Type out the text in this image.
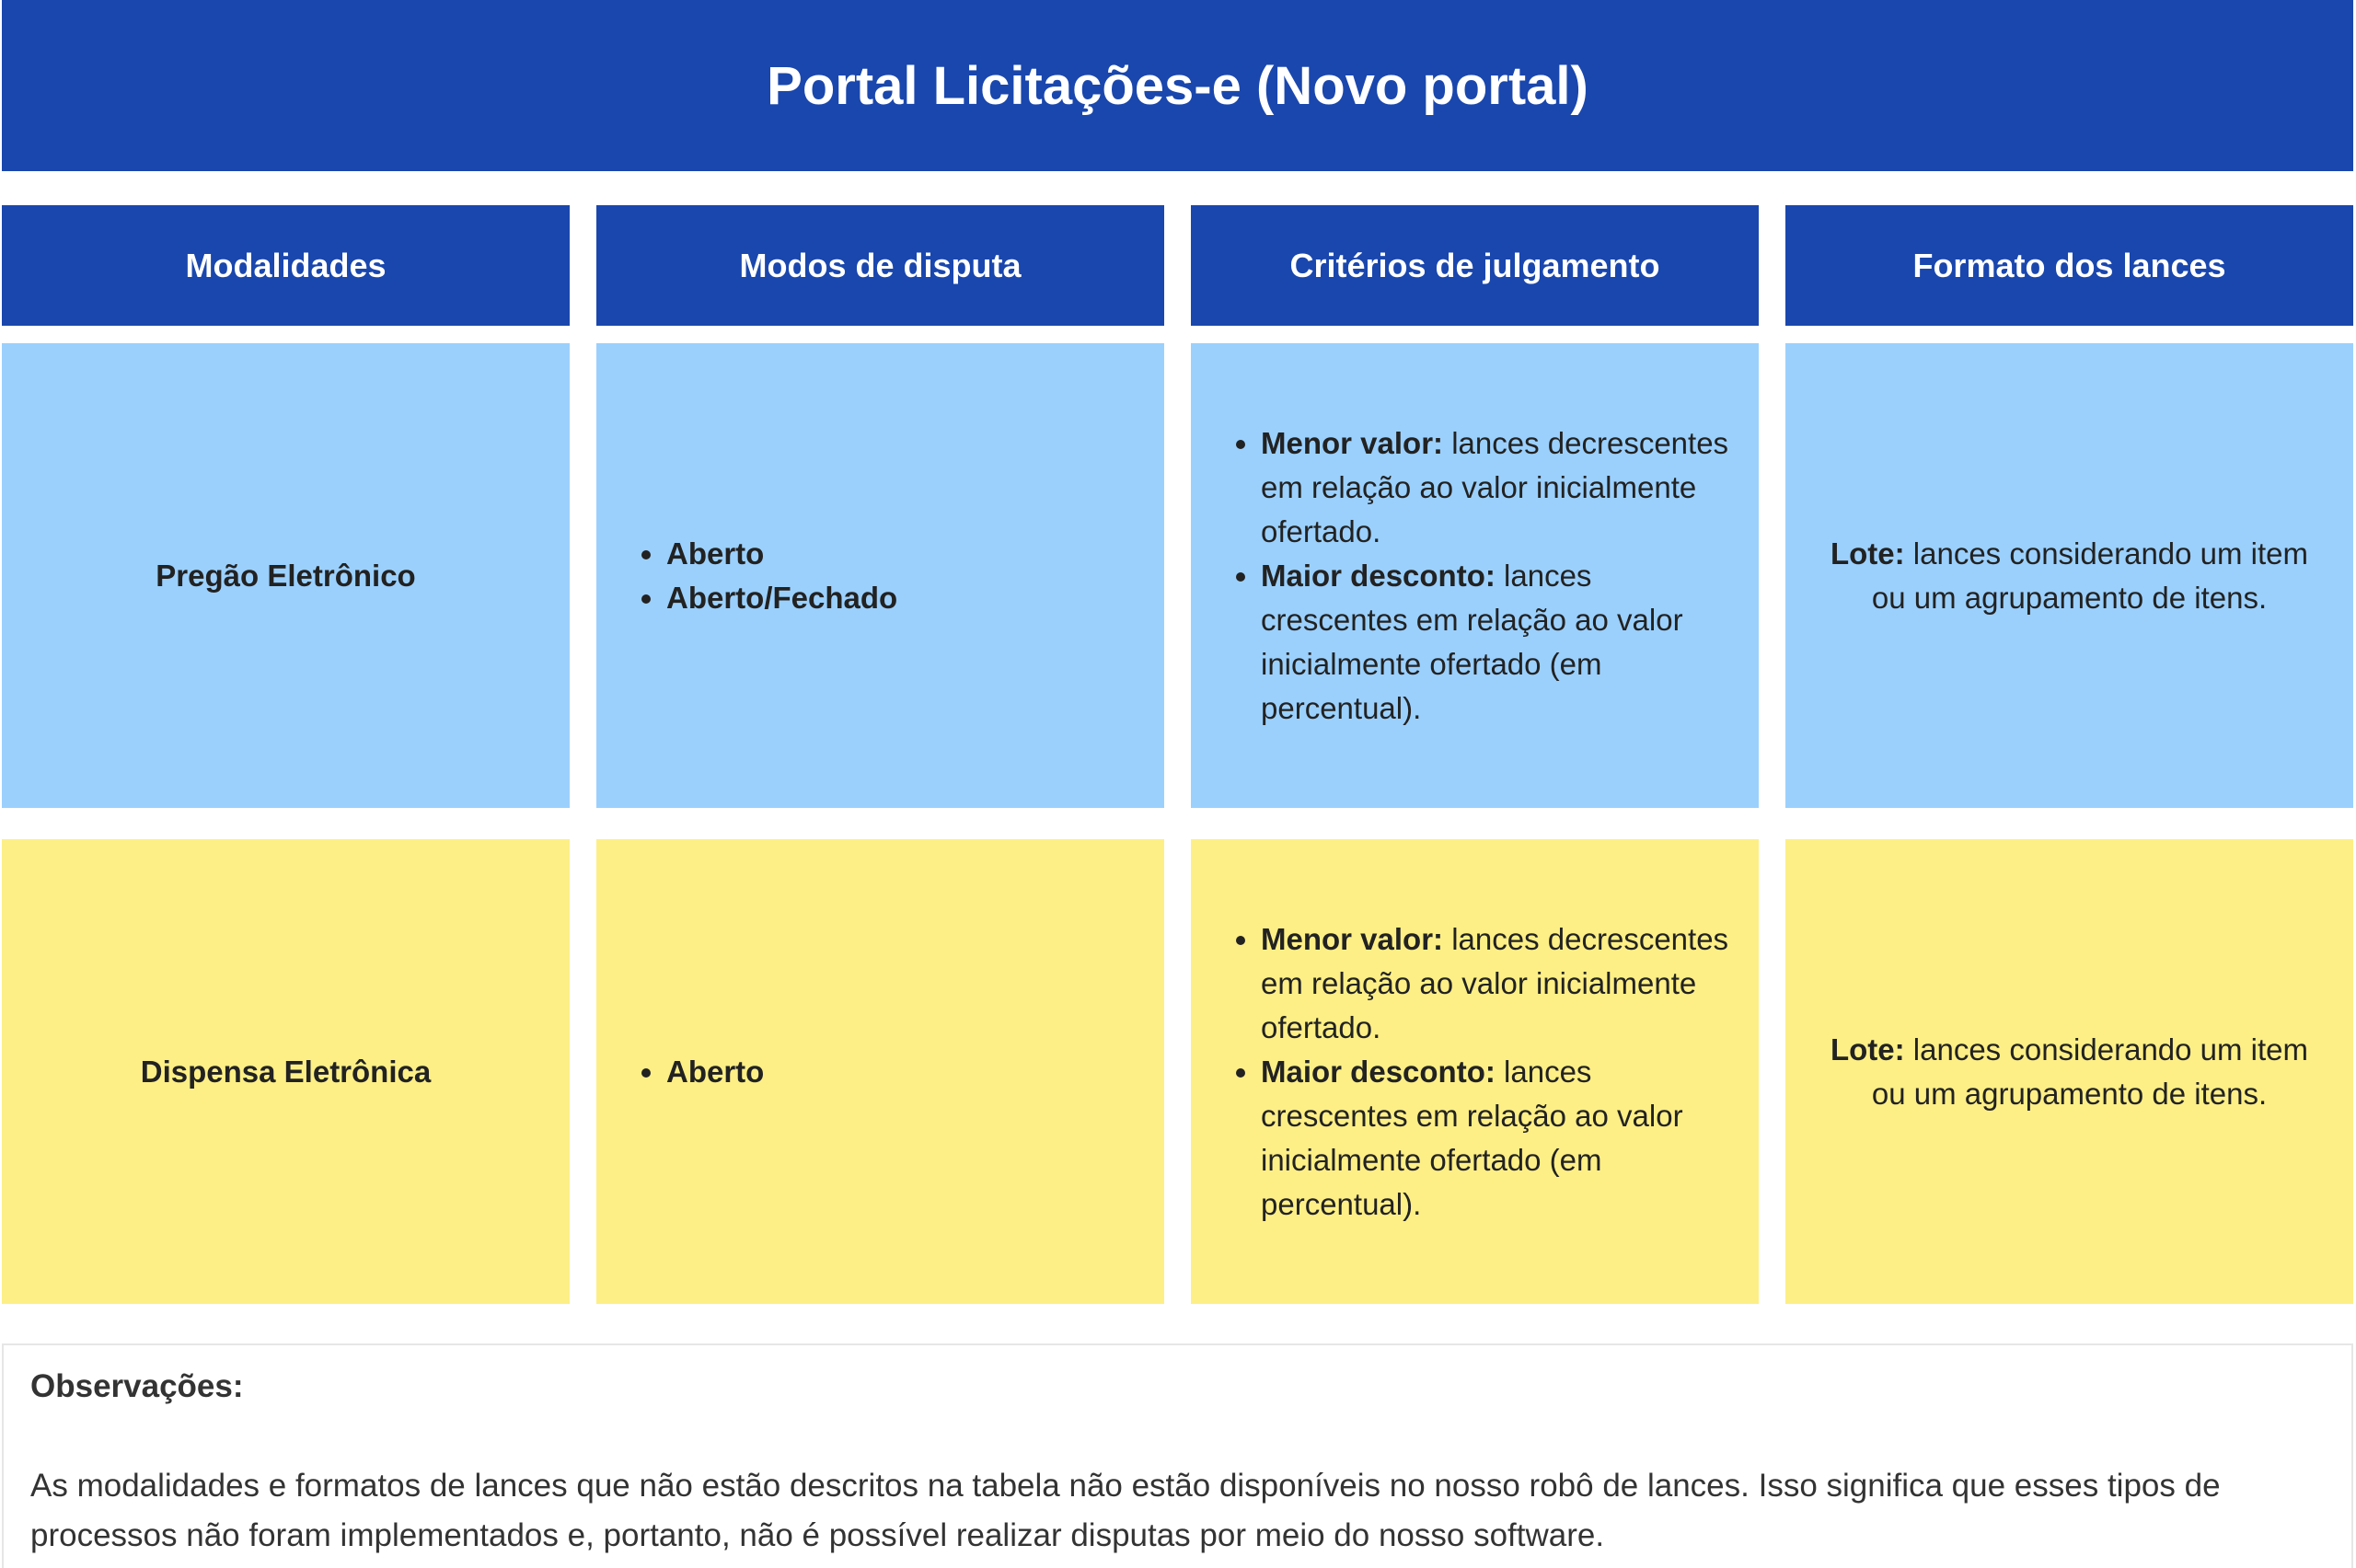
Portal Licitações-e (Novo portal)
Modalidades	Modos de disputa	Critérios de julgamento	Formato dos lances
Pregão Eletrônico
• Aberto
• Aberto/Fechado
• Menor valor: lances decrescentes em relação ao valor inicialmente ofertado.
• Maior desconto: lances crescentes em relação ao valor inicialmente ofertado (em percentual).
Lote: lances considerando um item ou um agrupamento de itens.
Dispensa Eletrônica
•	Aberto
• Menor valor: lances decrescentes em relação ao valor inicialmente ofertado.
• Maior desconto: lances crescentes em relação ao valor inicialmente ofertado (em percentual).
Lote: lances considerando um item ou um agrupamento de itens.
Observações:
As modalidades e formatos de lances que não estão descritos na tabela não estão disponíveis no nosso robô de lances. Isso significa que esses tipos de processos não foram implementados e, portanto, não é possível realizar disputas por meio do nosso software.
